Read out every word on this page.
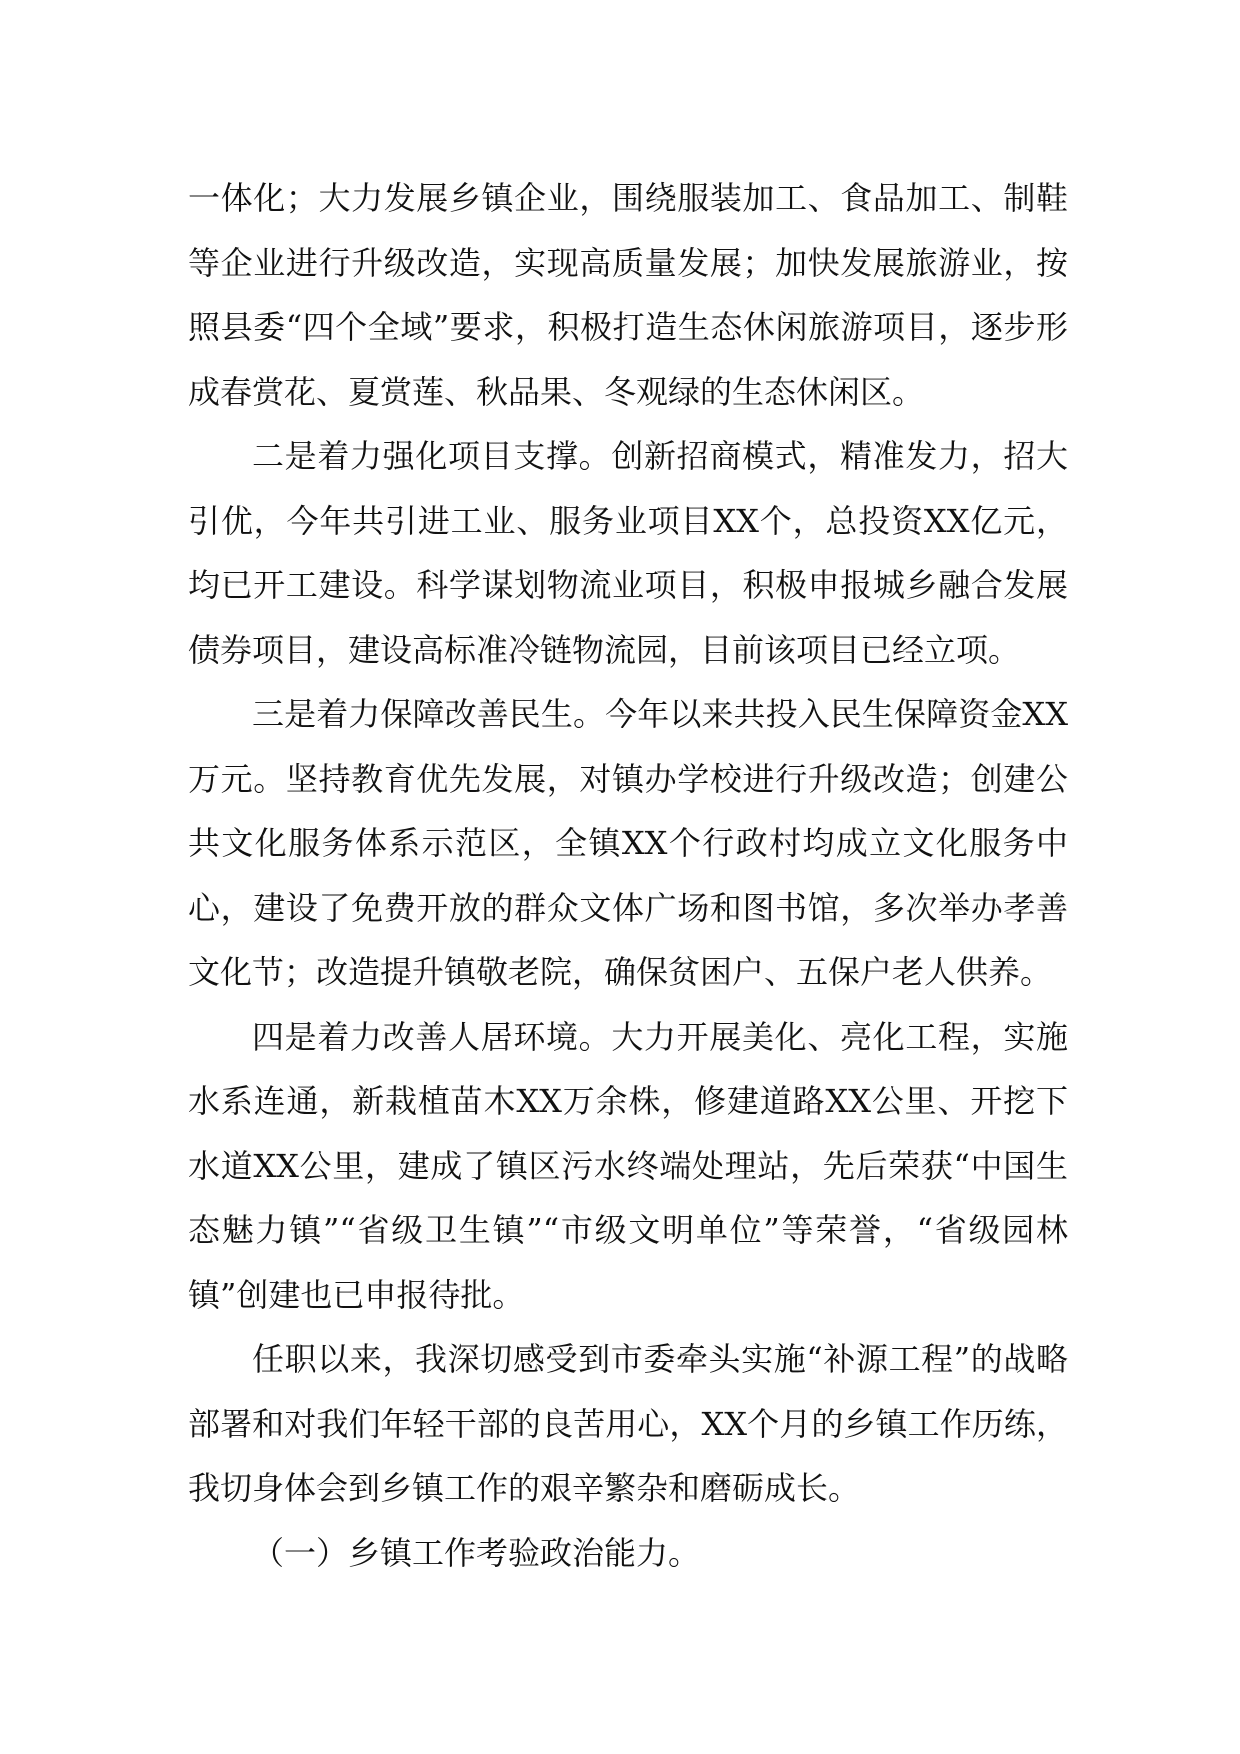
一体化；大力发展乡镇企业，围绕服装加工、食品加工、制鞋等企业进行升级改造，实现高质量发展；加快发展旅游业，按照县委“四个全域”要求，积极打造生态休闲旅游项目，逐步形成春赏花、夏赏莲、秋品果、冬观绿的生态休闲区。

二是着力强化项目支撑。创新招商模式，精准发力，招大引优，今年共引进工业、服务业项目XX个，总投资XX亿元，均已开工建设。科学谋划物流业项目，积极申报城乡融合发展债券项目，建设高标准冷链物流园，目前该项目已经立项。

三是着力保障改善民生。今年以来共投入民生保障资金XX万元。坚持教育优先发展，对镇办学校进行升级改造；创建公共文化服务体系示范区，全镇XX个行政村均成立文化服务中心，建设了免费开放的群众文体广场和图书馆，多次举办孝善文化节；改造提升镇敬老院，确保贫困户、五保户老人供养。

四是着力改善人居环境。大力开展美化、亮化工程，实施水系连通，新栽植苗木XX万余株，修建道路XX公里、开挖下水道XX公里，建成了镇区污水终端处理站，先后荣获“中国生态魅力镇”“省级卫生镇”“市级文明单位”等荣誉，“省级园林镇”创建也已申报待批。

任职以来，我深切感受到市委牵头实施“补源工程”的战略部署和对我们年轻干部的良苦用心，XX个月的乡镇工作历练，我切身体会到乡镇工作的艰辛繁杂和磨砺成长。

（一）乡镇工作考验政治能力。
